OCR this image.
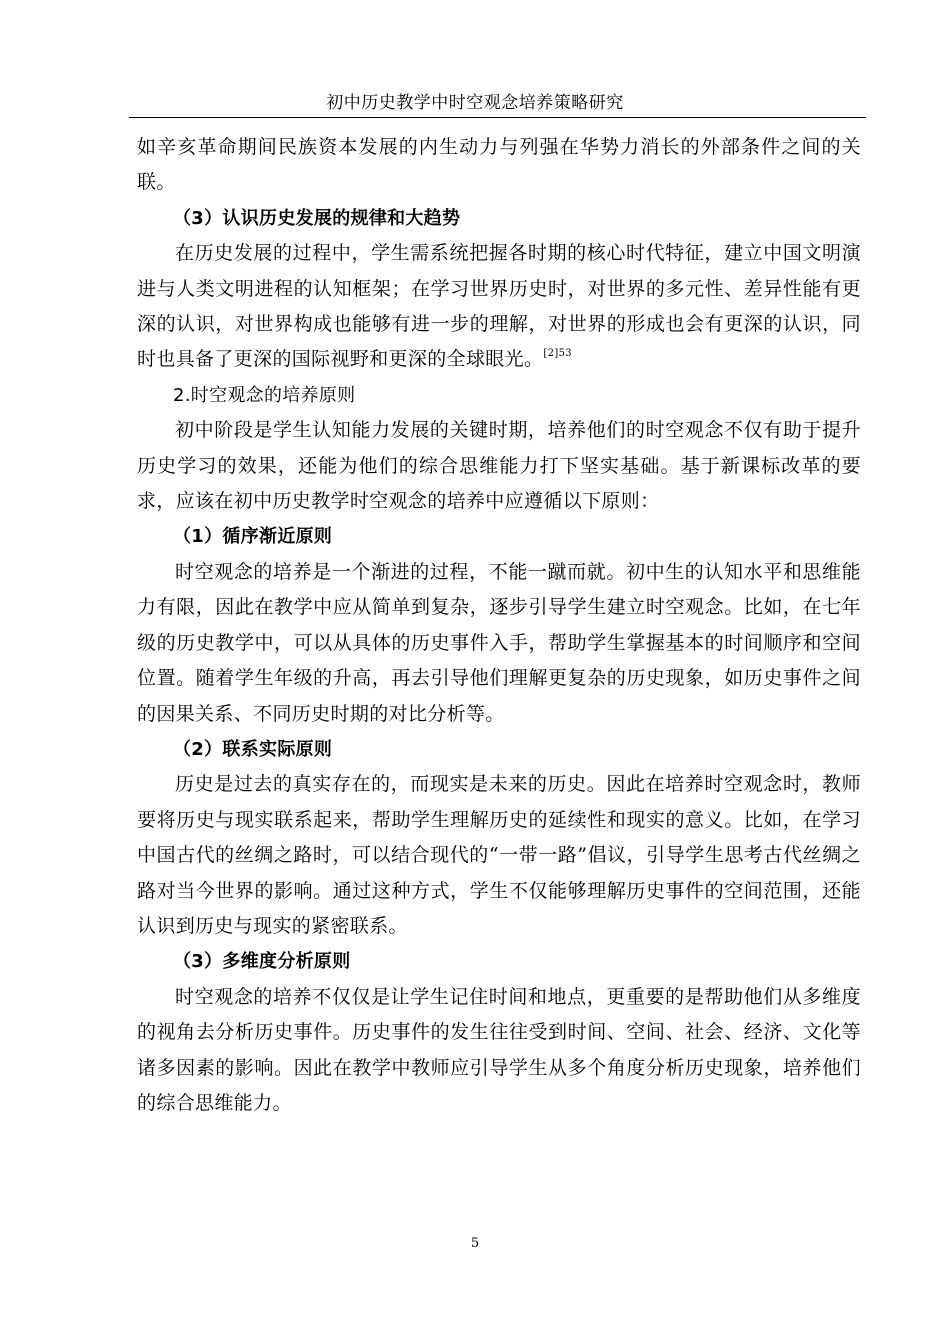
初中历史教学中时空观念培养策略研究

如辛亥革命期间民族资本发展的内生动力与列强在华势力消长的外部条件之间的关联。

（3）认识历史发展的规律和大趋势

在历史发展的过程中，学生需系统把握各时期的核心时代特征，建立中国文明演进与人类文明进程的认知框架；在学习世界历史时，对世界的多元性、差异性能有更深的认识，对世界构成也能够有进一步的理解，对世界的形成也会有更深的认识，同时也具备了更深的国际视野和更深的全球眼光。$^{[2]53}$

2.时空观念的培养原则

初中阶段是学生认知能力发展的关键时期，培养他们的时空观念不仅有助于提升历史学习的效果，还能为他们的综合思维能力打下坚实基础。基于新课标改革的要求，应该在初中历史教学时空观念的培养中应遵循以下原则：

（1）循序渐近原则

时空观念的培养是一个渐进的过程，不能一蹴而就。初中生的认知水平和思维能力有限，因此在教学中应从简单到复杂，逐步引导学生建立时空观念。比如，在七年级的历史教学中，可以从具体的历史事件入手，帮助学生掌握基本的时间顺序和空间位置。随着学生年级的升高，再去引导他们理解更复杂的历史现象，如历史事件之间的因果关系、不同历史时期的对比分析等。

（2）联系实际原则

历史是过去的真实存在的，而现实是未来的历史。因此在培养时空观念时，教师要将历史与现实联系起来，帮助学生理解历史的延续性和现实的意义。比如，在学习中国古代的丝绸之路时，可以结合现代的“一带一路”倡议，引导学生思考古代丝绸之路对当今世界的影响。通过这种方式，学生不仅能够理解历史事件的空间范围，还能认识到历史与现实的紧密联系。

（3）多维度分析原则

时空观念的培养不仅仅是让学生记住时间和地点，更重要的是帮助他们从多维度的视角去分析历史事件。历史事件的发生往往受到时间、空间、社会、经济、文化等诸多因素的影响。因此在教学中教师应引导学生从多个角度分析历史现象，培养他们的综合思维能力。

5
